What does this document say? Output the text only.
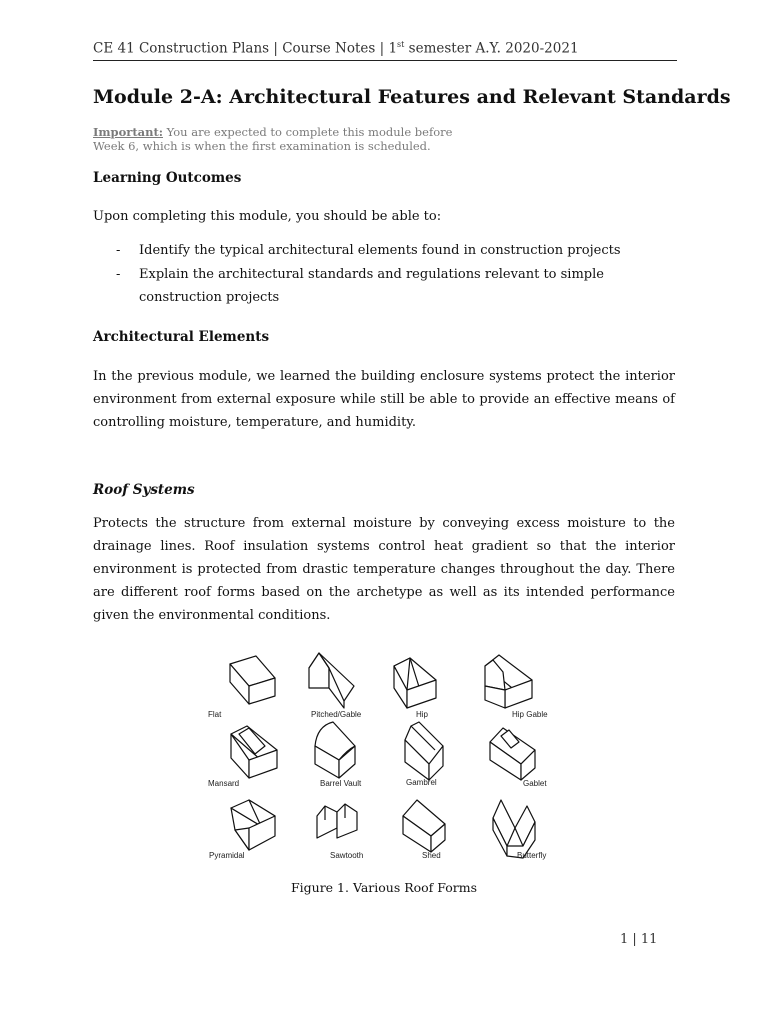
CE 41 Construction Plans | Course Notes | 1st semester A.Y. 2020-2021
Module 2-A: Architectural Features and Relevant Standards
Important: You are expected to complete this module before
Week 6, which is when the first examination is scheduled.
Learning Outcomes

Upon completing this module, you should be able to:

- Identify the typical architectural elements found in construction projects
- Explain the architectural standards and regulations relevant to simple construction projects
Architectural Elements

In the previous module, we learned the building enclosure systems protect the interior environment from external exposure while still be able to provide an effective means of controlling moisture, temperature, and humidity.

Roof Systems

Protects the structure from external moisture by conveying excess moisture to the drainage lines. Roof insulation systems control heat gradient so that the interior environment is protected from drastic temperature changes throughout the day. There are different roof forms based on the archetype as well as its intended performance given the environmental conditions.

Flat	Pitched/Gable	Hip	Hip Gable
Mansard	Barrel Vault	Gambrel	Gablet
Pyramidal	Sawtooth	Shed	Butterfly
Figure 1. Various Roof Forms
1 | 11
